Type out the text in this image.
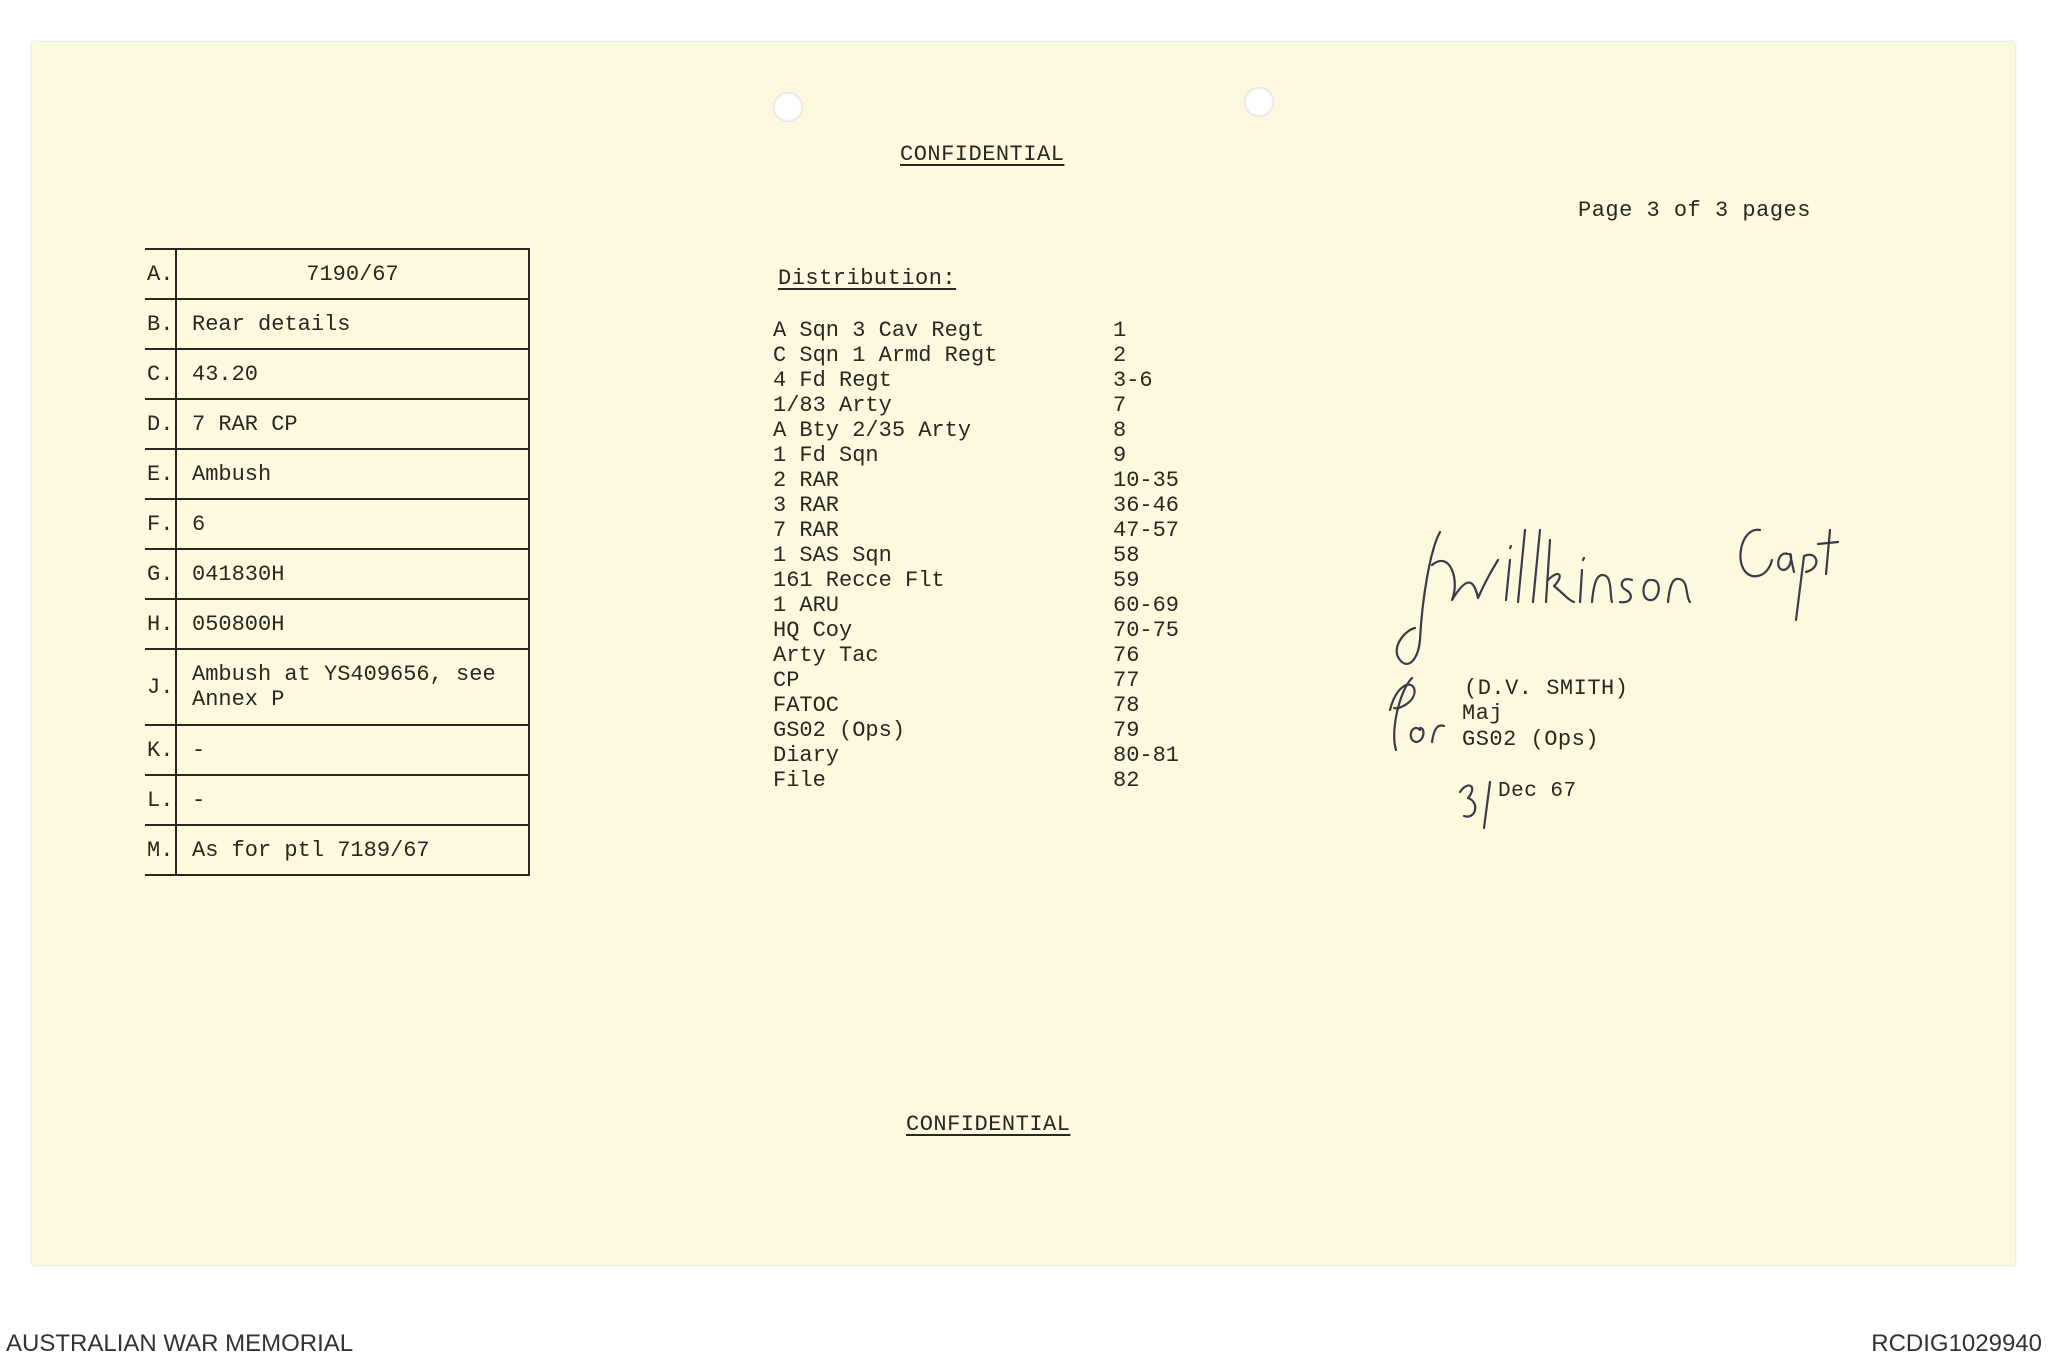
CONFIDENTIAL
Page 3 of 3 pages
A.	7190/67
B.	Rear details
C.	43.20
D.	7 RAR CP
E.	Ambush
F.	6
G.	041830H
H.	050800H
J.	Ambush at YS409656, see
Annex P

K.	-
L.	-
M.	As for ptl 7189/67
Distribution:
A Sqn 3 Cav Regt	1
C Sqn 1 Armd Regt	2
4 Fd Regt	3-6
1/83 Arty	7
A Bty 2/35 Arty	8
1 Fd Sqn	9
2 RAR	10-35
3 RAR	36-46
7 RAR	47-57
1 SAS Sqn	58
161 Recce Flt	59
1 ARU	60-69
HQ Coy	70-75
Arty Tac	76
CP	77
FATOC	78
GS02 (Ops)	79
Diary	80-81
File	82
(D.V. SMITH)
Maj
GS02 (Ops)
Dec 67
CONFIDENTIAL
AUSTRALIAN WAR MEMORIAL	RCDIG1029940
